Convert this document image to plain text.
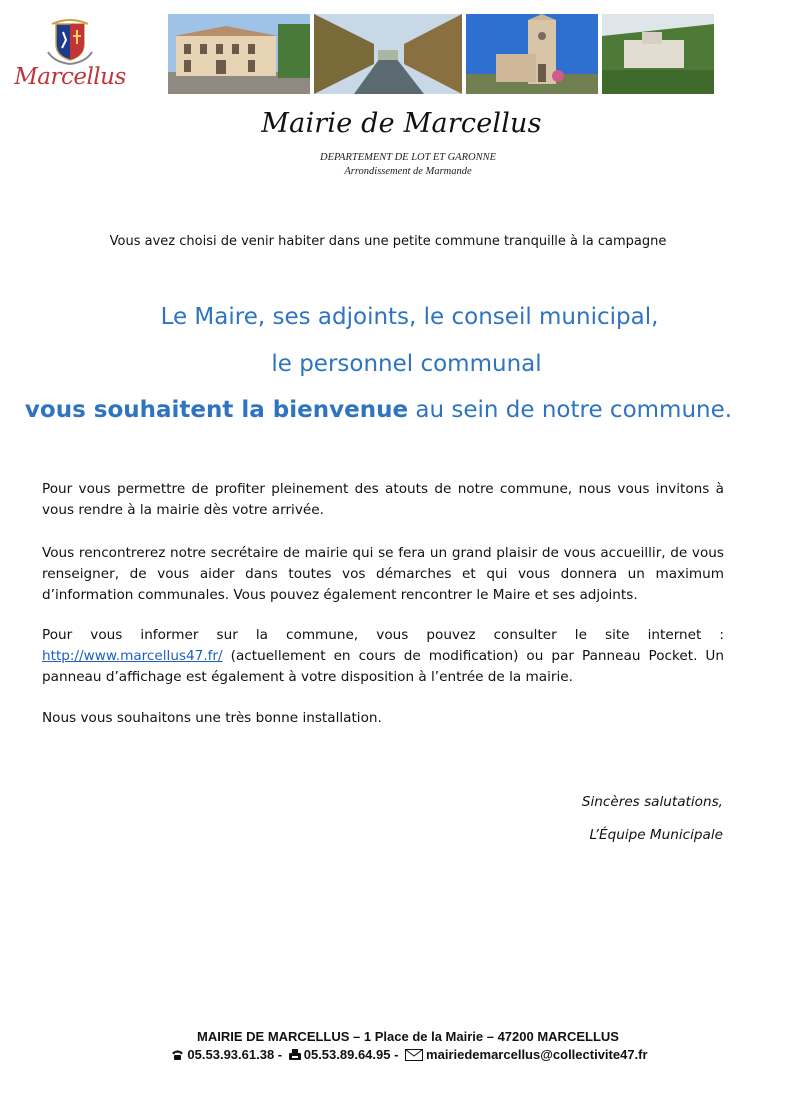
Marcellus
Mairie de Marcellus
DEPARTEMENT DE LOT ET GARONNE
Arrondissement de Marmande
Vous avez choisi de venir habiter dans une petite commune tranquille à la campagne
Le Maire, ses adjoints, le conseil municipal,
le personnel communal
vous souhaitent la bienvenue au sein de notre commune.
Pour vous permettre de profiter pleinement des atouts de notre commune, nous vous invitons à vous rendre à la mairie dès votre arrivée.
Vous rencontrerez notre secrétaire de mairie qui se fera un grand plaisir de vous accueillir, de vous renseigner, de vous aider dans toutes vos démarches et qui vous donnera un maximum d’information communales. Vous pouvez également rencontrer le Maire et ses adjoints.
Pour vous informer sur la commune, vous pouvez consulter le site internet : http://www.marcellus47.fr/ (actuellement en cours de modification) ou par Panneau Pocket. Un panneau d’affichage est également à votre disposition à l’entrée de la mairie.
Nous vous souhaitons une très bonne installation.
Sincères salutations,
L’Équipe Municipale
MAIRIE DE MARCELLUS – 1 Place de la Mairie – 47200 MARCELLUS
05.53.93.61.38 - 05.53.89.64.95 - mairiedemarcellus@collectivite47.fr
